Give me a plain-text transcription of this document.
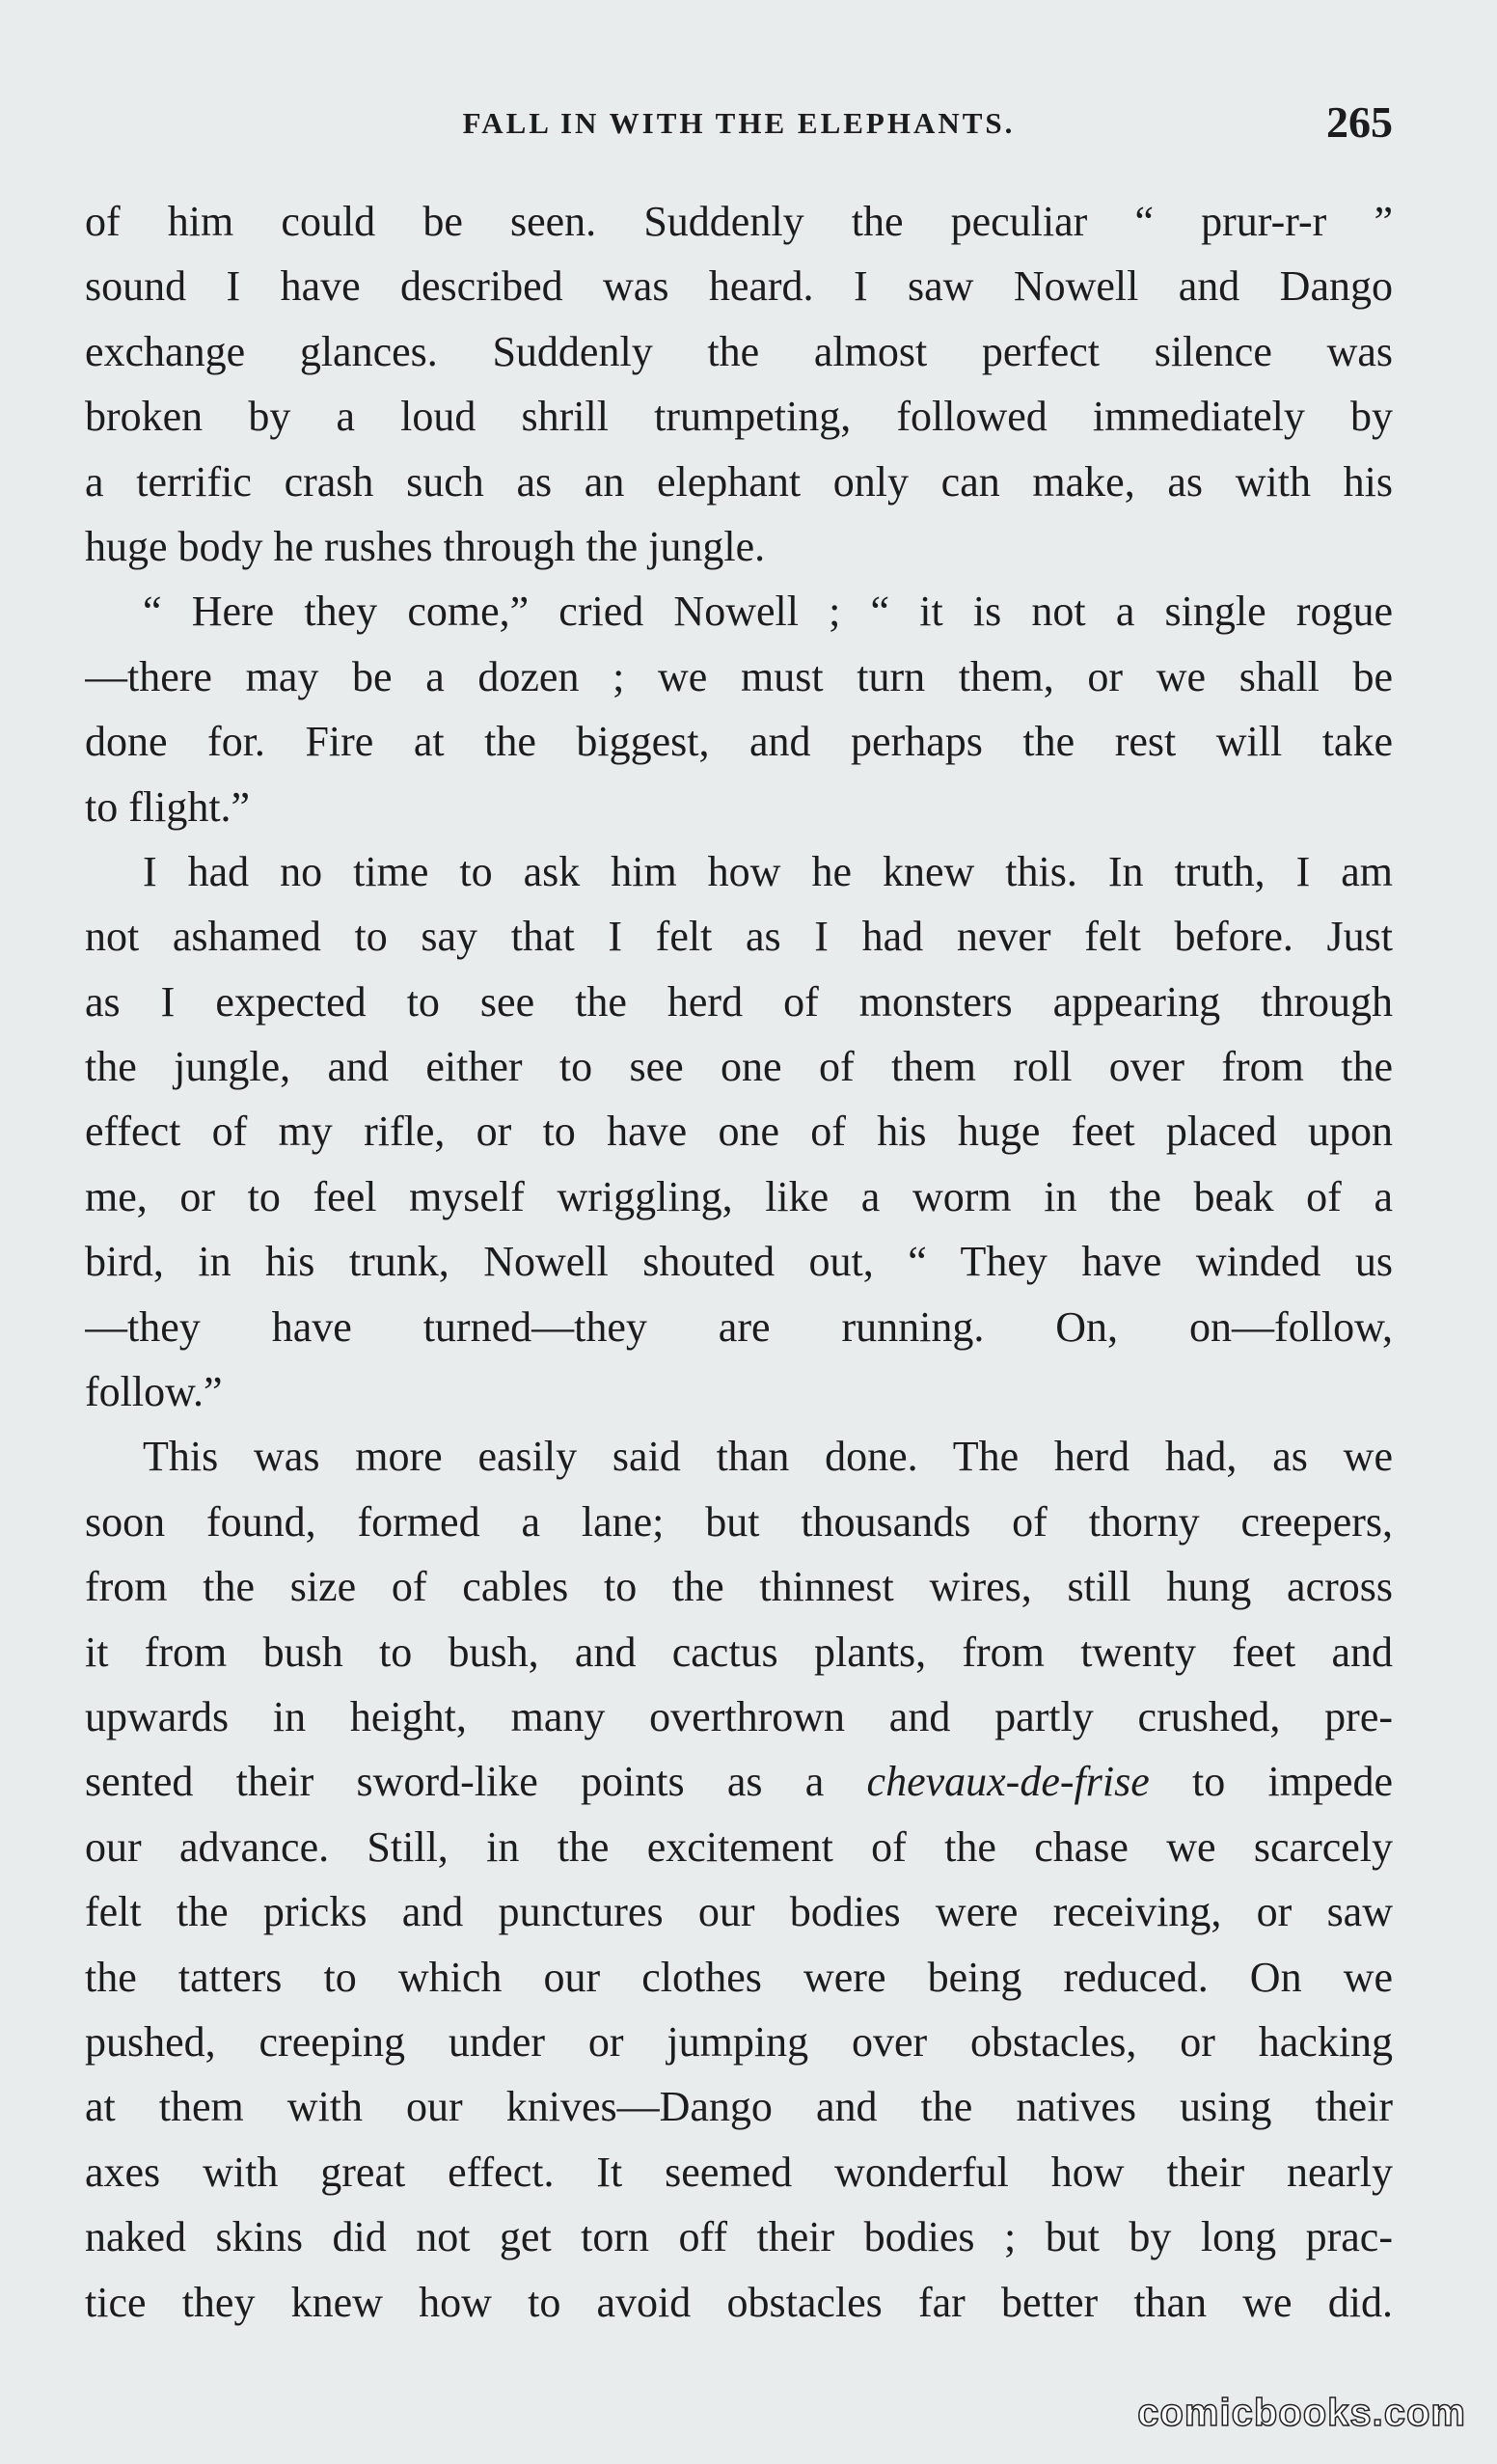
FALL IN WITH THE ELEPHANTS.	265
of him could be seen. Suddenly the peculiar “ prur-r-r ”
sound I have described was heard. I saw Nowell and Dango
exchange glances. Suddenly the almost perfect silence was
broken by a loud shrill trumpeting, followed immediately by
a terrific crash such as an elephant only can make, as with his
huge body he rushes through the jungle.
“ Here they come,” cried Nowell ; “ it is not a single rogue
—there may be a dozen ; we must turn them, or we shall be
done for. Fire at the biggest, and perhaps the rest will take
to flight.”
I had no time to ask him how he knew this. In truth, I am
not ashamed to say that I felt as I had never felt before. Just
as I expected to see the herd of monsters appearing through
the jungle, and either to see one of them roll over from the
effect of my rifle, or to have one of his huge feet placed upon
me, or to feel myself wriggling, like a worm in the beak of a
bird, in his trunk, Nowell shouted out, “ They have winded us
—they have turned—they are running. On, on—follow,
follow.”
This was more easily said than done. The herd had, as we
soon found, formed a lane; but thousands of thorny creepers,
from the size of cables to the thinnest wires, still hung across
it from bush to bush, and cactus plants, from twenty feet and
upwards in height, many overthrown and partly crushed, pre-
sented their sword-like points as a chevaux-de-frise to impede
our advance. Still, in the excitement of the chase we scarcely
felt the pricks and punctures our bodies were receiving, or saw
the tatters to which our clothes were being reduced. On we
pushed, creeping under or jumping over obstacles, or hacking
at them with our knives—Dango and the natives using their
axes with great effect. It seemed wonderful how their nearly
naked skins did not get torn off their bodies ; but by long prac-
tice they knew how to avoid obstacles far better than we did.
comicbooks.com
